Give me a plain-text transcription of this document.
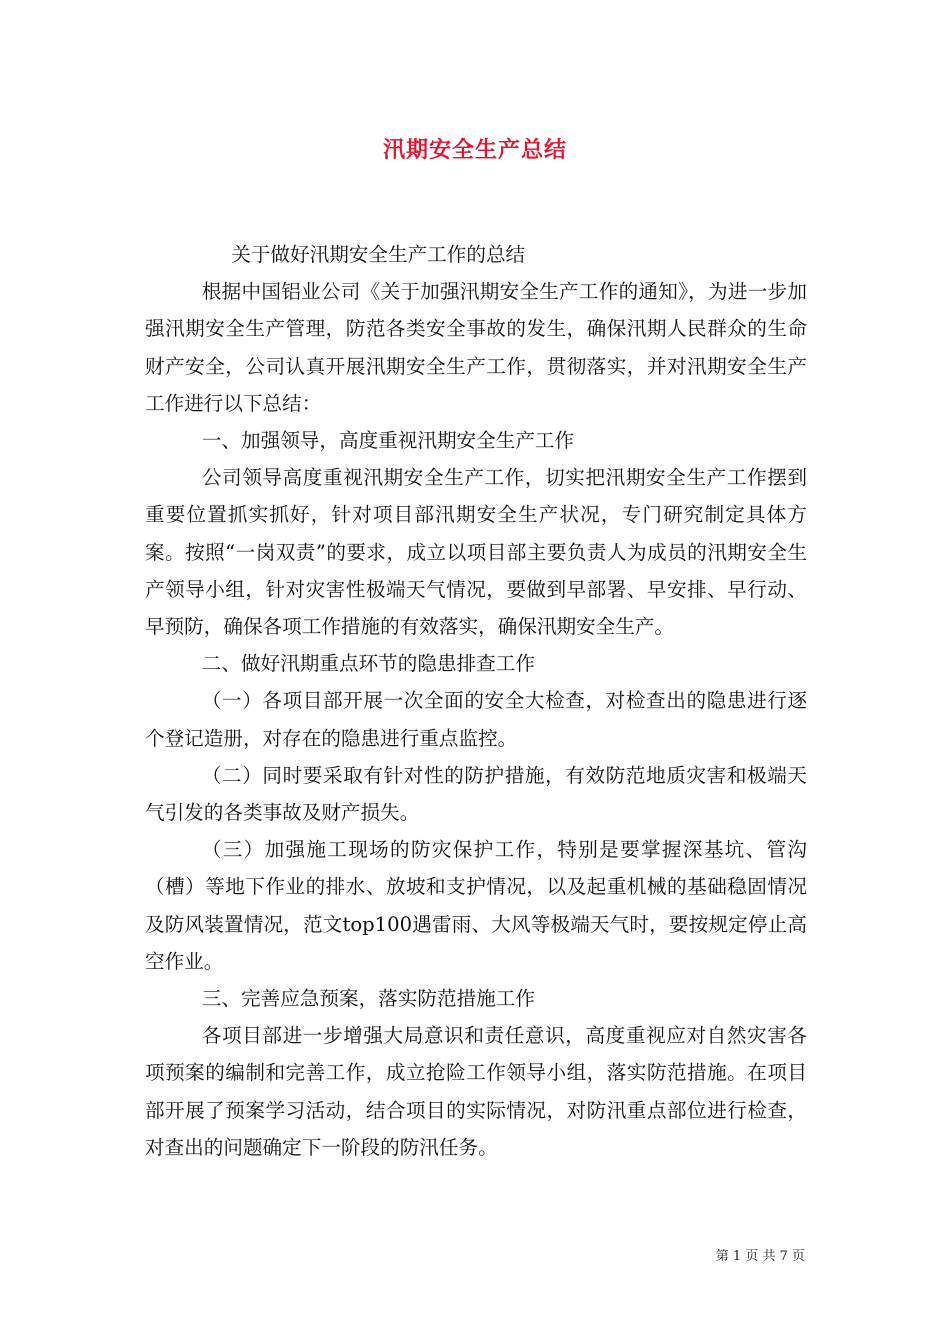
汛期安全生产总结

关于做好汛期安全生产工作的总结

根据中国铝业公司《关于加强汛期安全生产工作的通知》，为进一步加强汛期安全生产管理，防范各类安全事故的发生，确保汛期人民群众的生命财产安全，公司认真开展汛期安全生产工作，贯彻落实，并对汛期安全生产工作进行以下总结：

一、加强领导，高度重视汛期安全生产工作

公司领导高度重视汛期安全生产工作，切实把汛期安全生产工作摆到重要位置抓实抓好，针对项目部汛期安全生产状况，专门研究制定具体方案。按照“一岗双责”的要求，成立以项目部主要负责人为成员的汛期安全生产领导小组，针对灾害性极端天气情况，要做到早部署、早安排、早行动、早预防，确保各项工作措施的有效落实，确保汛期安全生产。

二、做好汛期重点环节的隐患排查工作

（一）各项目部开展一次全面的安全大检查，对检查出的隐患进行逐个登记造册，对存在的隐患进行重点监控。

（二）同时要采取有针对性的防护措施，有效防范地质灾害和极端天气引发的各类事故及财产损失。

（三）加强施工现场的防灾保护工作，特别是要掌握深基坑、管沟（槽）等地下作业的排水、放坡和支护情况，以及起重机械的基础稳固情况及防风装置情况，范文top100遇雷雨、大风等极端天气时，要按规定停止高空作业。

三、完善应急预案，落实防范措施工作

各项目部进一步增强大局意识和责任意识，高度重视应对自然灾害各项预案的编制和完善工作，成立抢险工作领导小组，落实防范措施。在项目部开展了预案学习活动，结合项目的实际情况，对防汛重点部位进行检查，对查出的问题确定下一阶段的防汛任务。

第 1 页 共 7 页
